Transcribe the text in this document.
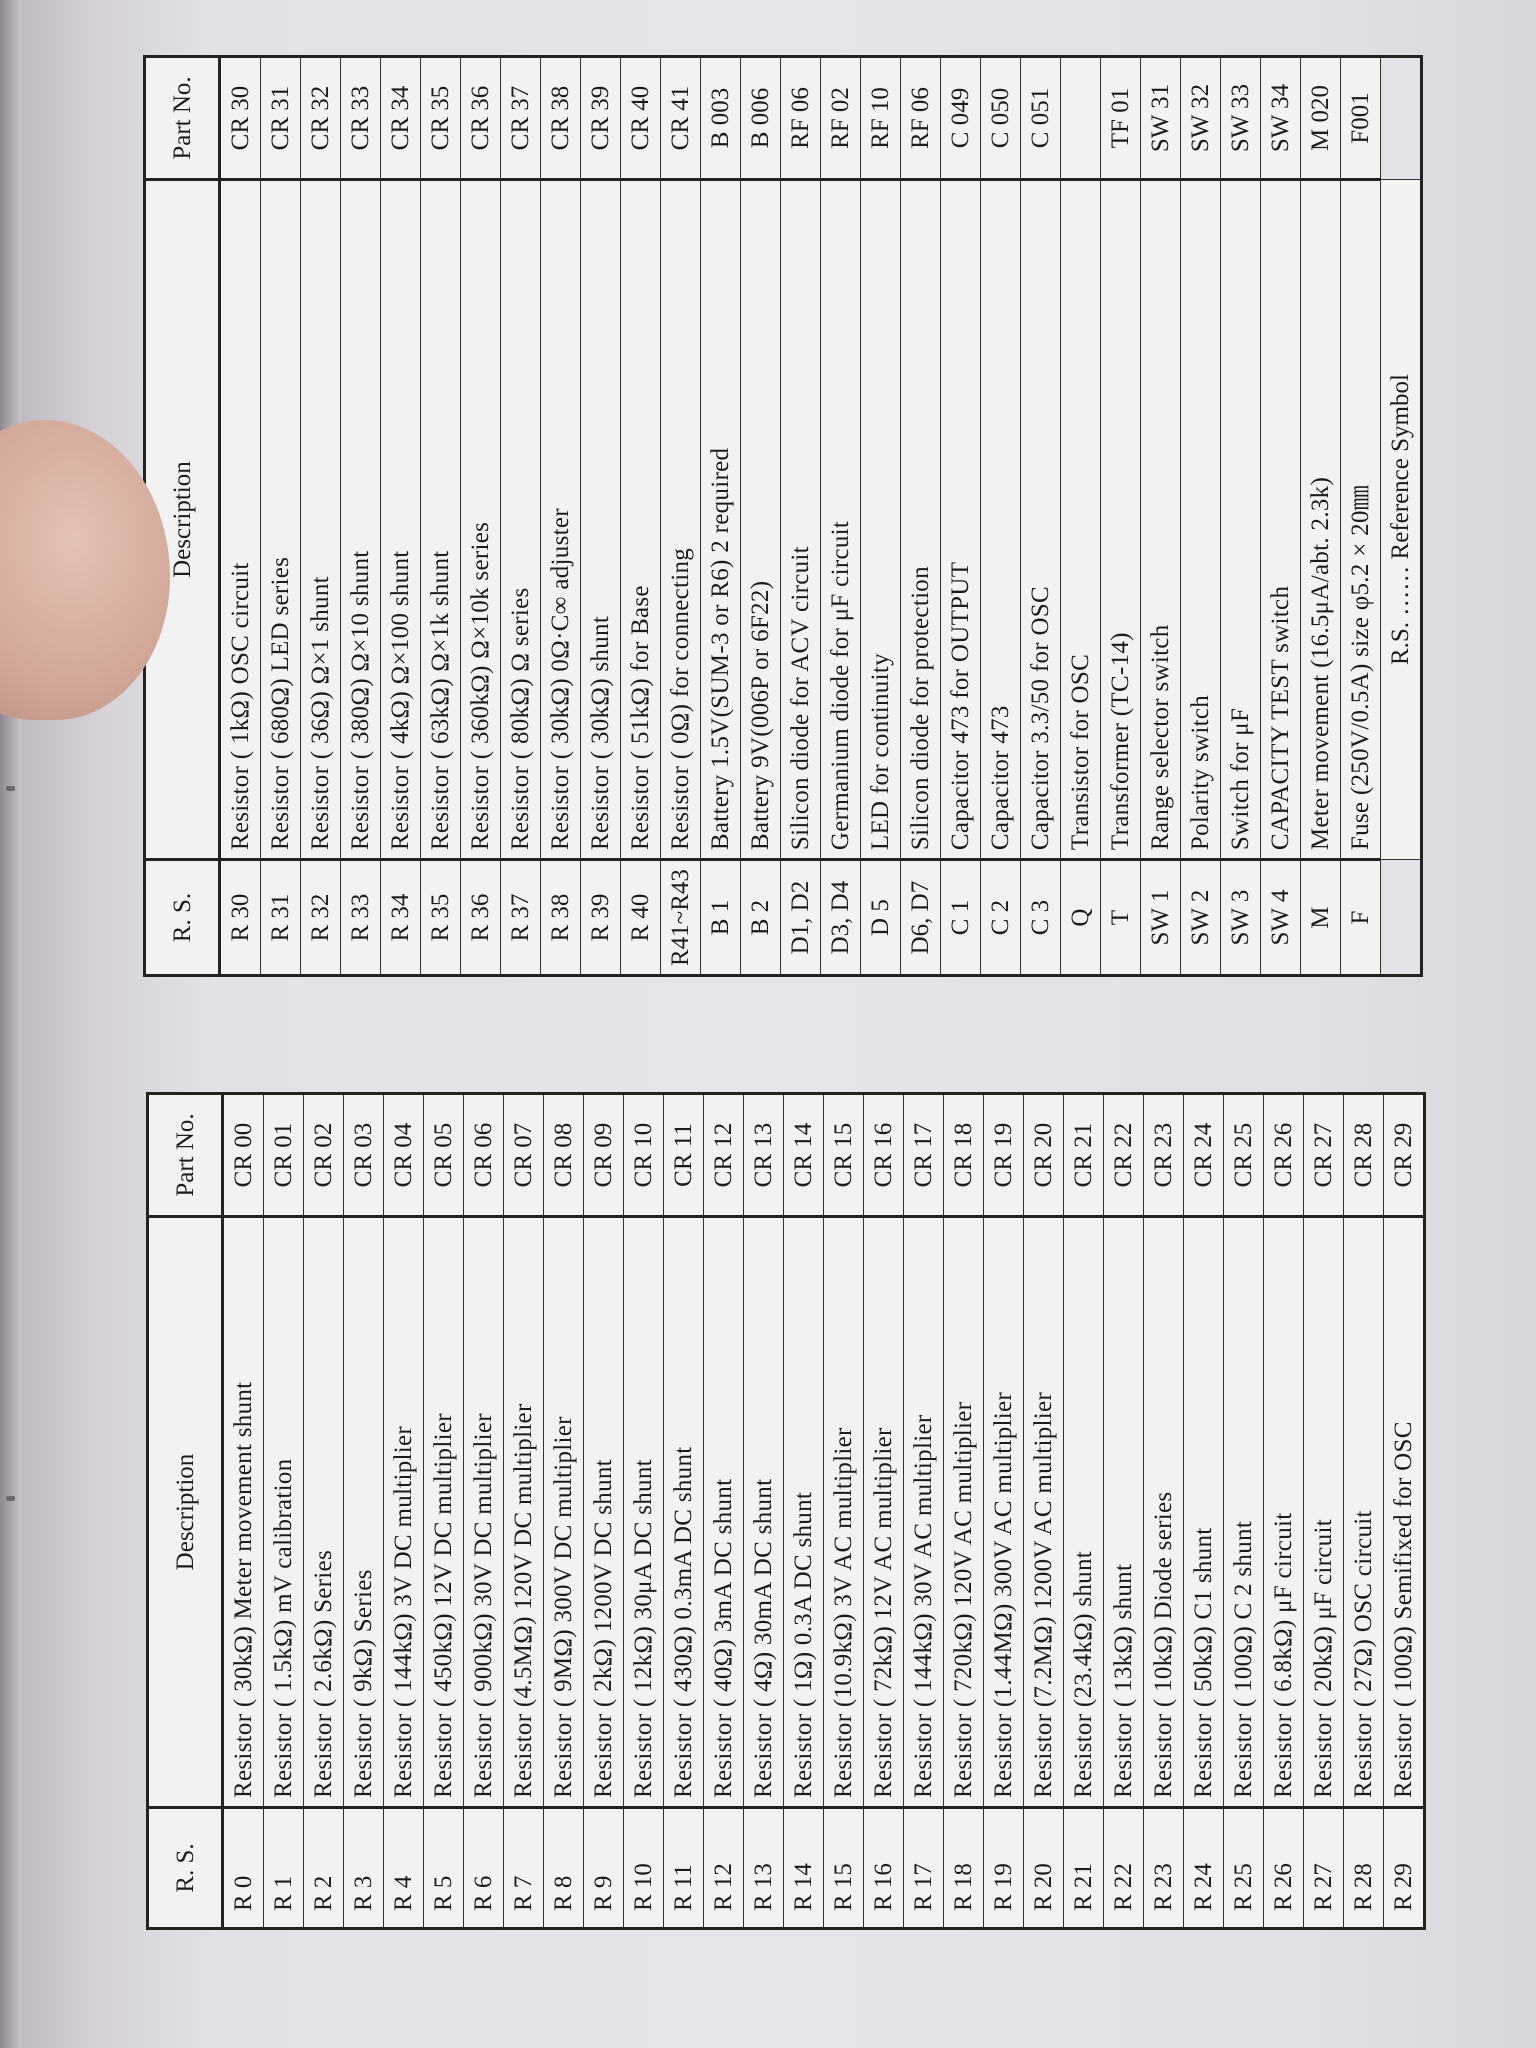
R. S.	Description	Part No.
R 0	Resistor ( 30kΩ) Meter movement shunt	CR 00
R 1	Resistor ( 1.5kΩ) mV calibration	CR 01
R 2	Resistor ( 2.6kΩ) Series	CR 02
R 3	Resistor ( 9kΩ) Series	CR 03
R 4	Resistor ( 144kΩ) 3V DC multiplier	CR 04
R 5	Resistor ( 450kΩ) 12V DC multiplier	CR 05
R 6	Resistor ( 900kΩ) 30V DC multiplier	CR 06
R 7	Resistor (4.5MΩ) 120V DC multiplier	CR 07
R 8	Resistor ( 9MΩ) 300V DC multiplier	CR 08
R 9	Resistor ( 2kΩ) 1200V DC shunt	CR 09
R 10	Resistor ( 12kΩ) 30μA DC shunt	CR 10
R 11	Resistor ( 430Ω) 0.3mA DC shunt	CR 11
R 12	Resistor ( 40Ω) 3mA DC shunt	CR 12
R 13	Resistor ( 4Ω) 30mA DC shunt	CR 13
R 14	Resistor ( 1Ω) 0.3A DC shunt	CR 14
R 15	Resistor (10.9kΩ) 3V AC multiplier	CR 15
R 16	Resistor ( 72kΩ) 12V AC multiplier	CR 16
R 17	Resistor ( 144kΩ) 30V AC multiplier	CR 17
R 18	Resistor ( 720kΩ) 120V AC multiplier	CR 18
R 19	Resistor (1.44MΩ) 300V AC multiplier	CR 19
R 20	Resistor (7.2MΩ) 1200V AC multiplier	CR 20
R 21	Resistor (23.4kΩ) shunt	CR 21
R 22	Resistor ( 13kΩ) shunt	CR 22
R 23	Resistor ( 10kΩ) Diode series	CR 23
R 24	Resistor ( 50kΩ) C1 shunt	CR 24
R 25	Resistor ( 100Ω) C 2 shunt	CR 25
R 26	Resistor ( 6.8kΩ) μF circuit	CR 26
R 27	Resistor ( 20kΩ) μF circuit	CR 27
R 28	Resistor ( 27Ω) OSC circuit	CR 28
R 29	Resistor ( 100Ω) Semifixed for OSC	CR 29
R. S.	Description	Part No.
R 30	Resistor ( 1kΩ) OSC circuit	CR 30
R 31	Resistor ( 680Ω) LED series	CR 31
R 32	Resistor ( 36Ω) Ω×1 shunt	CR 32
R 33	Resistor ( 380Ω) Ω×10 shunt	CR 33
R 34	Resistor ( 4kΩ) Ω×100 shunt	CR 34
R 35	Resistor ( 63kΩ) Ω×1k shunt	CR 35
R 36	Resistor ( 360kΩ) Ω×10k series	CR 36
R 37	Resistor ( 80kΩ) Ω series	CR 37
R 38	Resistor ( 30kΩ) 0Ω·C∞ adjuster	CR 38
R 39	Resistor ( 30kΩ) shunt	CR 39
R 40	Resistor ( 51kΩ) for Base	CR 40
R41~R43	Resistor ( 0Ω) for connecting	CR 41
B 1	Battery 1.5V(SUM-3 or R6) 2 required	B 003
B 2	Battery 9V(006P or 6F22)	B 006
D1, D2	Silicon diode for ACV circuit	RF 06
D3, D4	Germanium diode for μF circuit	RF 02
D 5	LED for continuity	RF 10
D6, D7	Silicon diode for protection	RF 06
C 1	Capacitor 473 for OUTPUT	C 049
C 2	Capacitor 473	C 050
C 3	Capacitor 3.3/50 for OSC	C 051
Q	Transistor for OSC	
T	Transformer (TC-14)	TF 01
SW 1	Range selector switch	SW 31
SW 2	Polarity switch	SW 32
SW 3	Switch for μF	SW 33
SW 4	CAPACITY TEST switch	SW 34
M	Meter movement (16.5μA/abt. 2.3k)	M 020
F	Fuse (250V/0.5A) size φ5.2 × 20㎜	F001
	R.S. …… Reference Symbol	
